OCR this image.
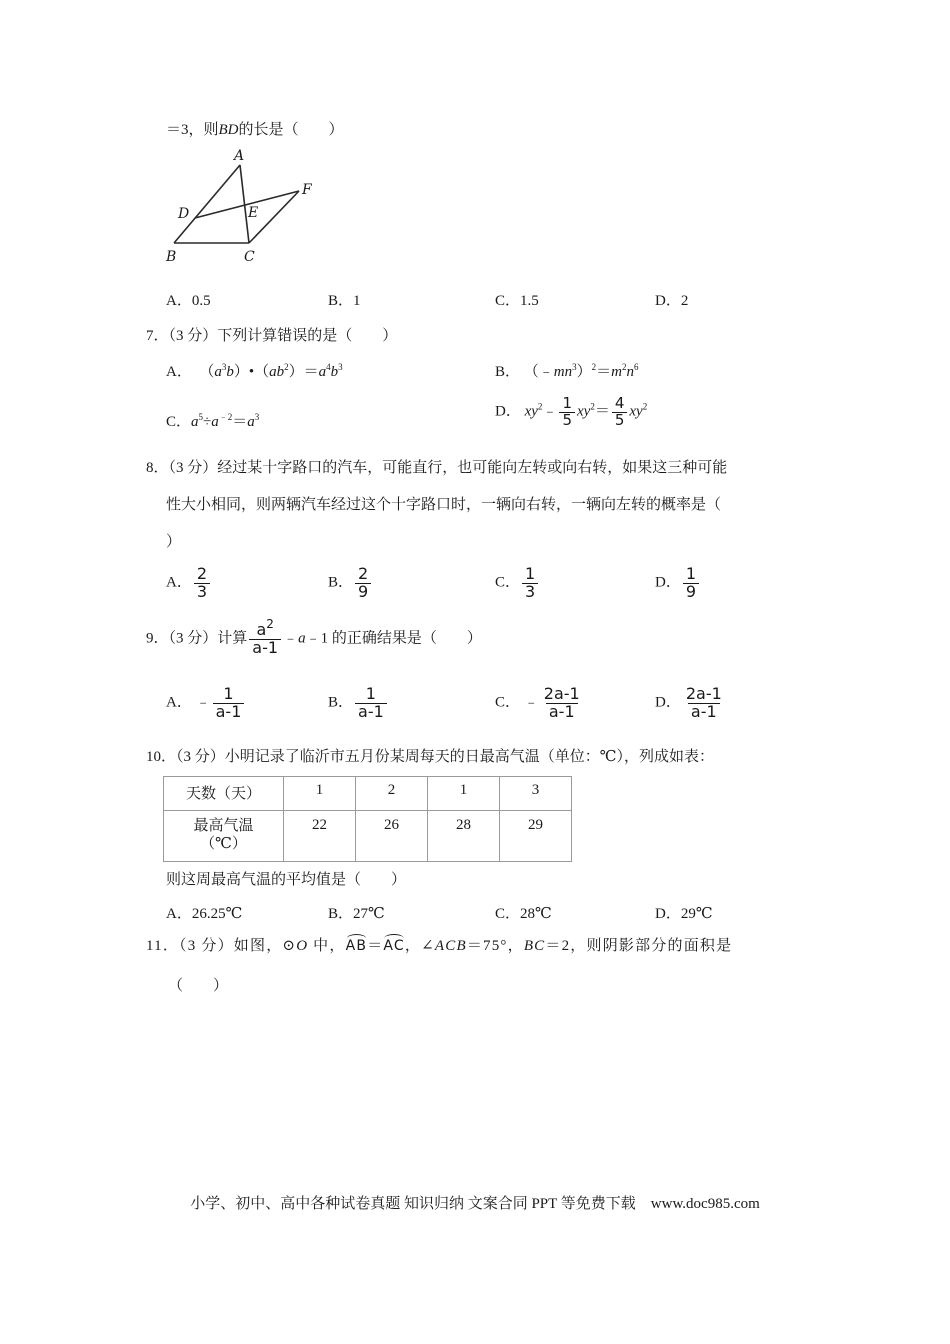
＝3，则BD的长是（　　）
A
B	C
D	E
F
A．0.5	B．1	C．1.5	D．2
7．（3 分）下列计算错误的是（　　）
A．  $(a^3b)•(ab^2)=a^4b^3$	B． $(﹣mn^3)^2=m^2n^6$
C．$a^5\div a^{﹣2}=a^3$	D． $xy^2﹣ \frac{1}{5} xy^2= \frac{4}{5} xy^2$
8．（3 分）经过某十字路口的汽车，可能直行，也可能向左转或向右转，如果这三种可能
性大小相同，则两辆汽车经过这个十字路口时，一辆向右转，一辆向左转的概率是（
）
A． $\frac{2}{3}$	B． $\frac{2}{9}$	C． $\frac{1}{3}$	D． $\frac{1}{9}$
9．（3 分）计算 $\frac{a^2}{a-1}$ ﹣a﹣1 的正确结果是（　　）
A． ﹣ $\frac{1}{a-1}$	B． $\frac{1}{a-1}$	C． ﹣ $\frac{2a-1}{a-1}$	D． $\frac{2a-1}{a-1}$
10．（3 分）小明记录了临沂市五月份某周每天的日最高气温（单位：℃），列成如表：
天数（天）	1	2	1	3
最高气温
（℃）	22	26	28	29
则这周最高气温的平均值是（　　）
A．26.25℃	B．27℃	C．28℃	D．29℃
11．（3 分）如图，⊙O 中，AB＝AC，∠ACB＝75°，BC＝2，则阴影部分的面积是
（　　）
小学、初中、高中各种试卷真题 知识归纳 文案合同 PPT 等免费下载　www.doc985.com
